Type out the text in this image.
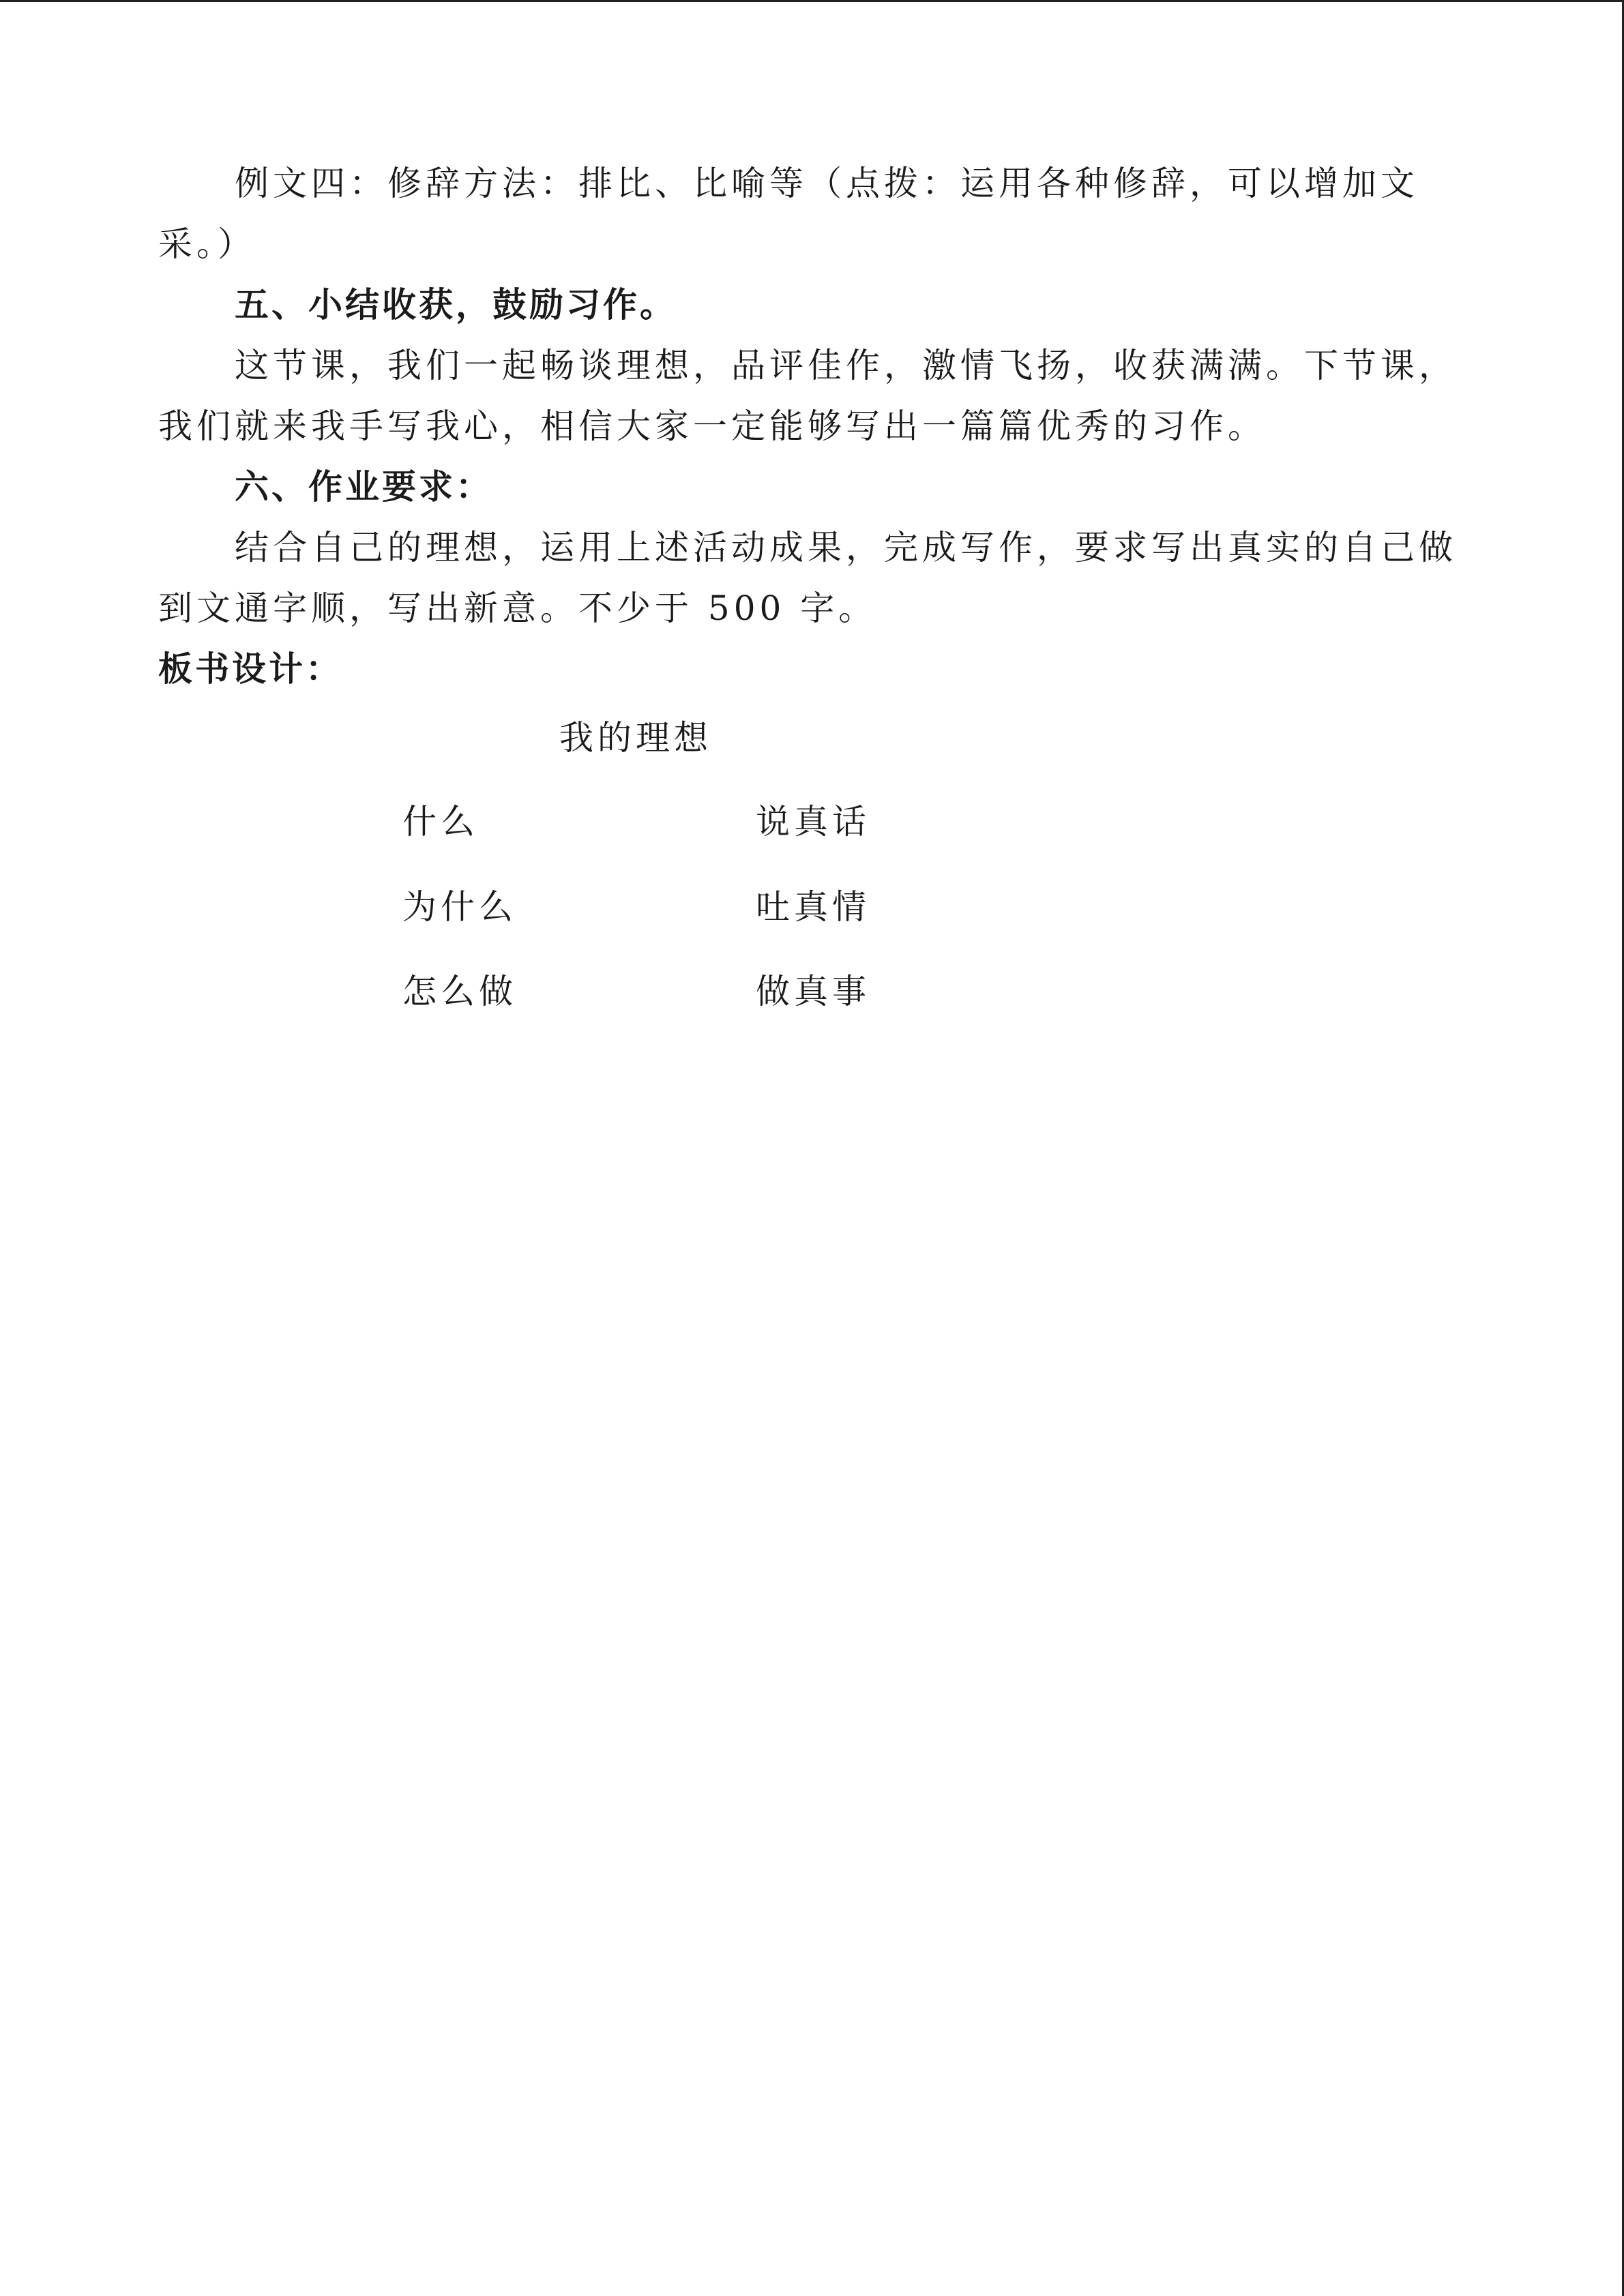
例文四：修辞方法：排比、比喻等（点拨：运用各种修辞，可以增加文

采。）

五、小结收获，鼓励习作。

这节课，我们一起畅谈理想，品评佳作，激情飞扬，收获满满。下节课，

我们就来我手写我心，相信大家一定能够写出一篇篇优秀的习作。

六、作业要求：

结合自己的理想，运用上述活动成果，完成写作，要求写出真实的自己做

到文通字顺，写出新意。不少于 500 字。

板书设计：

我的理想
什么
为什么
怎么做
说真话
吐真情
做真事
